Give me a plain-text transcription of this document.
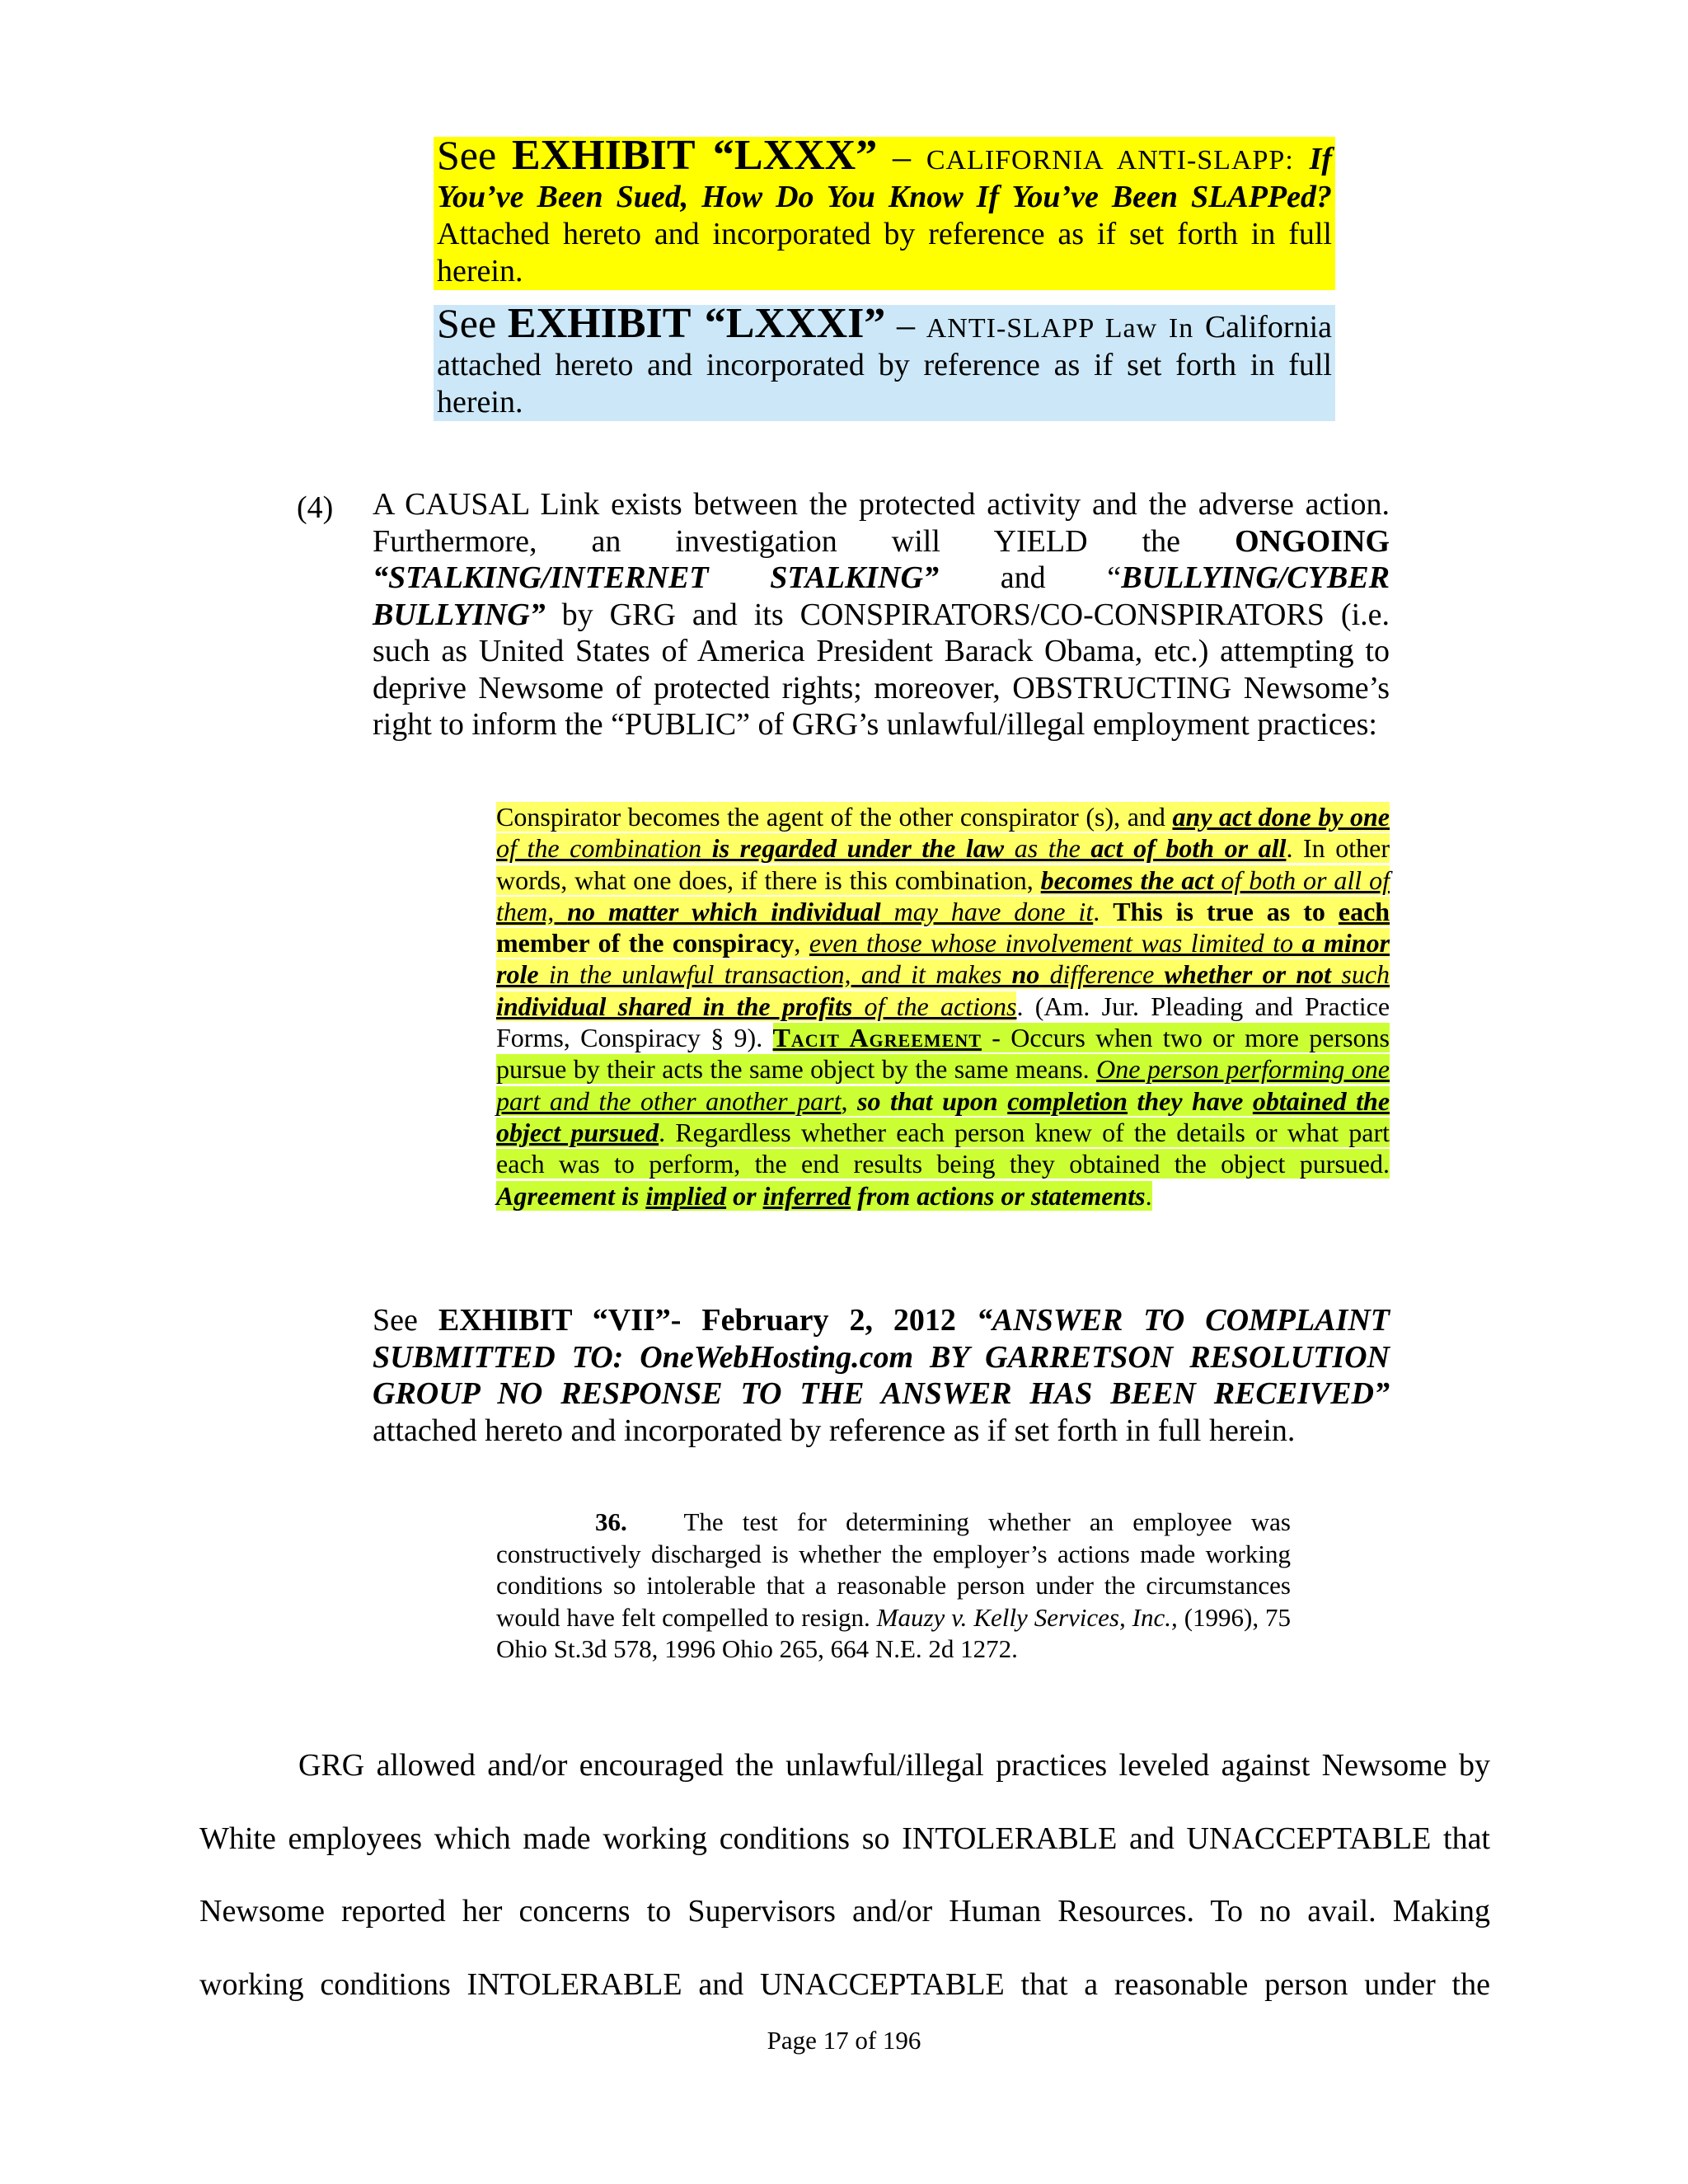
See EXHIBIT “LXXX” – CALIFORNIA ANTI-SLAPP: If You’ve Been Sued, How Do You Know If You’ve Been SLAPPed? Attached hereto and incorporated by reference as if set forth in full herein.
See EXHIBIT “LXXXI” – ANTI-SLAPP Law In California attached hereto and incorporated by reference as if set forth in full herein.
(4) A CAUSAL Link exists between the protected activity and the adverse action. Furthermore, an investigation will YIELD the ONGOING “STALKING/INTERNET STALKING” and “BULLYING/CYBER BULLYING” by GRG and its CONSPIRATORS/CO-CONSPIRATORS (i.e. such as United States of America President Barack Obama, etc.) attempting to deprive Newsome of protected rights; moreover, OBSTRUCTING Newsome’s right to inform the “PUBLIC” of GRG’s unlawful/illegal employment practices:
Conspirator becomes the agent of the other conspirator (s), and any act done by one of the combination is regarded under the law as the act of both or all. In other words, what one does, if there is this combination, becomes the act of both or all of them, no matter which individual may have done it. This is true as to each member of the conspiracy, even those whose involvement was limited to a minor role in the unlawful transaction, and it makes no difference whether or not such individual shared in the profits of the actions. (Am. Jur. Pleading and Practice Forms, Conspiracy § 9). Tacit Agreement - Occurs when two or more persons pursue by their acts the same object by the same means. One person performing one part and the other another part, so that upon completion they have obtained the object pursued. Regardless whether each person knew of the details or what part each was to perform, the end results being they obtained the object pursued. Agreement is implied or inferred from actions or statements.
See EXHIBIT “VII”- February 2, 2012 “ANSWER TO COMPLAINT SUBMITTED TO: OneWebHosting.com BY GARRETSON RESOLUTION GROUP NO RESPONSE TO THE ANSWER HAS BEEN RECEIVED” attached hereto and incorporated by reference as if set forth in full herein.
36. The test for determining whether an employee was constructively discharged is whether the employer’s actions made working conditions so intolerable that a reasonable person under the circumstances would have felt compelled to resign. Mauzy v. Kelly Services, Inc., (1996), 75 Ohio St.3d 578, 1996 Ohio 265, 664 N.E. 2d 1272.
GRG allowed and/or encouraged the unlawful/illegal practices leveled against Newsome by White employees which made working conditions so INTOLERABLE and UNACCEPTABLE that Newsome reported her concerns to Supervisors and/or Human Resources. To no avail. Making working conditions INTOLERABLE and UNACCEPTABLE that a reasonable person under the
Page 17 of 196
